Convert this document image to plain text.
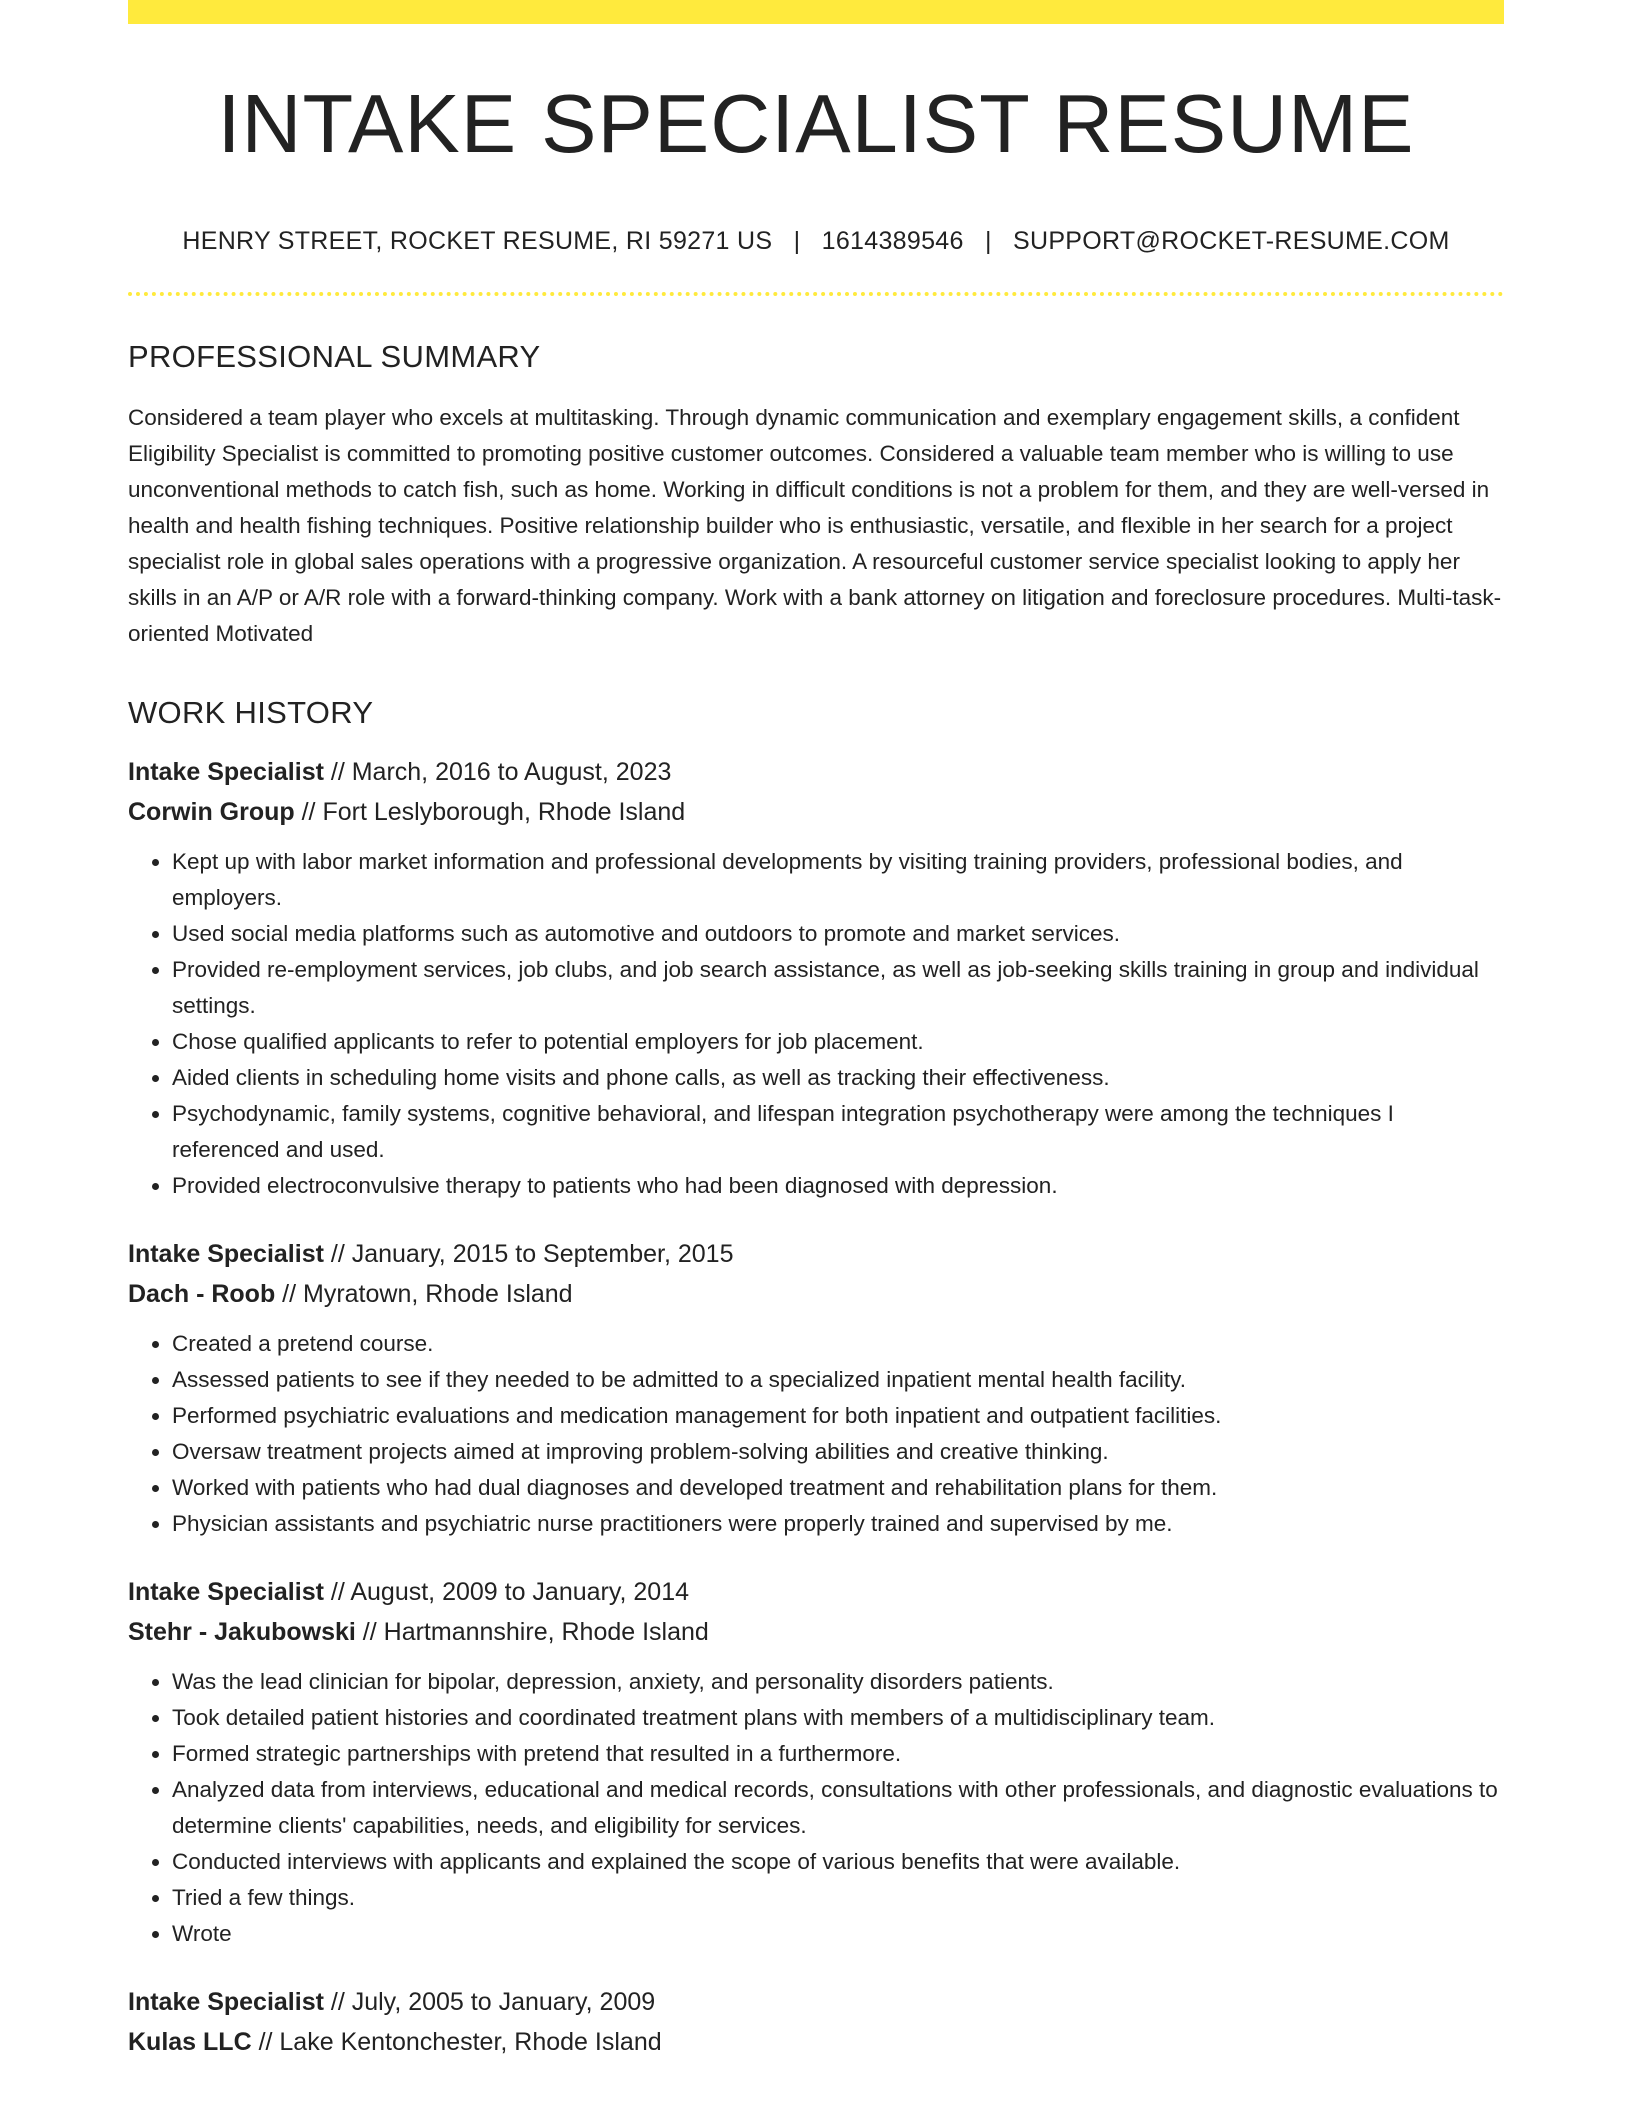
INTAKE SPECIALIST RESUME
HENRY STREET, ROCKET RESUME, RI 59271 US | 1614389546 | SUPPORT@ROCKET-RESUME.COM
PROFESSIONAL SUMMARY
Considered a team player who excels at multitasking. Through dynamic communication and exemplary engagement skills, a confident Eligibility Specialist is committed to promoting positive customer outcomes. Considered a valuable team member who is willing to use unconventional methods to catch fish, such as home. Working in difficult conditions is not a problem for them, and they are well-versed in health and health fishing techniques. Positive relationship builder who is enthusiastic, versatile, and flexible in her search for a project specialist role in global sales operations with a progressive organization. A resourceful customer service specialist looking to apply her skills in an A/P or A/R role with a forward-thinking company. Work with a bank attorney on litigation and foreclosure procedures. Multi-task-oriented Motivated
WORK HISTORY
Intake Specialist // March, 2016 to August, 2023
Corwin Group // Fort Leslyborough, Rhode Island
• Kept up with labor market information and professional developments by visiting training providers, professional bodies, and employers.
• Used social media platforms such as automotive and outdoors to promote and market services.
• Provided re-employment services, job clubs, and job search assistance, as well as job-seeking skills training in group and individual settings.
• Chose qualified applicants to refer to potential employers for job placement.
• Aided clients in scheduling home visits and phone calls, as well as tracking their effectiveness.
• Psychodynamic, family systems, cognitive behavioral, and lifespan integration psychotherapy were among the techniques I referenced and used.
• Provided electroconvulsive therapy to patients who had been diagnosed with depression.
Intake Specialist // January, 2015 to September, 2015
Dach - Roob // Myratown, Rhode Island
• Created a pretend course.
• Assessed patients to see if they needed to be admitted to a specialized inpatient mental health facility.
• Performed psychiatric evaluations and medication management for both inpatient and outpatient facilities.
• Oversaw treatment projects aimed at improving problem-solving abilities and creative thinking.
• Worked with patients who had dual diagnoses and developed treatment and rehabilitation plans for them.
• Physician assistants and psychiatric nurse practitioners were properly trained and supervised by me.
Intake Specialist // August, 2009 to January, 2014
Stehr - Jakubowski // Hartmannshire, Rhode Island
• Was the lead clinician for bipolar, depression, anxiety, and personality disorders patients.
• Took detailed patient histories and coordinated treatment plans with members of a multidisciplinary team.
• Formed strategic partnerships with pretend that resulted in a furthermore.
• Analyzed data from interviews, educational and medical records, consultations with other professionals, and diagnostic evaluations to determine clients' capabilities, needs, and eligibility for services.
• Conducted interviews with applicants and explained the scope of various benefits that were available.
• Tried a few things.
• Wrote
Intake Specialist // July, 2005 to January, 2009
Kulas LLC // Lake Kentonchester, Rhode Island
